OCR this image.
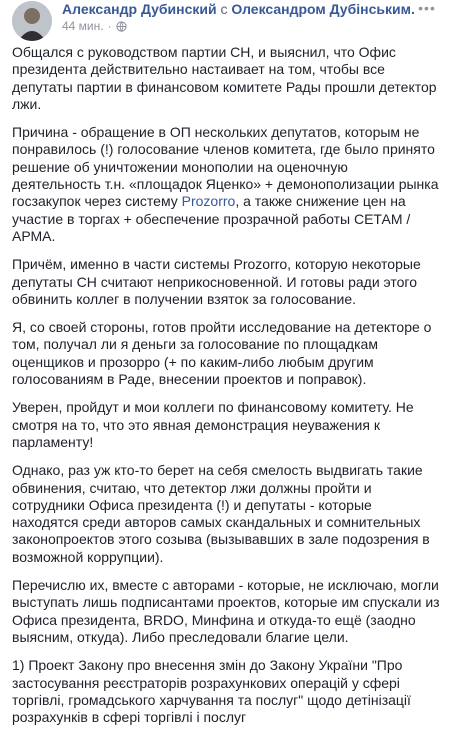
Александр Дубинский с Олександром Дубінським.
44 мин. ·
•••

Общался с руководством партии СН, и выяснил, что Офис президента действительно настаивает на том, чтобы все депутаты партии в финансовом комитете Рады прошли детектор лжи.

Причина - обращение в ОП нескольких депутатов, которым не понравилось (!) голосование членов комитета, где было принято решение об уничтожении монополии на оценочную деятельность т.н. «площадок Яценко» + демонополизации рынка госзакупок через систему Prozorro, а также снижение цен на участие в торгах + обеспечение прозрачной работы СЕТАМ / АРМА.

Причём, именно в части системы Prozorro, которую некоторые депутаты СН считают неприкосновенной. И готовы ради этого обвинить коллег в получении взяток за голосование.

Я, со своей стороны, готов пройти исследование на детекторе о том, получал ли я деньги за голосование по площадкам оценщиков и прозорро (+ по каким-либо любым другим голосованиям в Раде, внесении проектов и поправок).

Уверен, пройдут и мои коллеги по финансовому комитету. Не смотря на то, что это явная демонстрация неуважения к парламенту!

Однако, раз уж кто-то берет на себя смелость выдвигать такие обвинения, считаю, что детектор лжи должны пройти и сотрудники Офиса президента (!) и депутаты - которые находятся среди авторов самых скандальных и сомнительных законопроектов этого созыва (вызывавших в зале подозрения в возможной коррупции).

Перечислю их, вместе с авторами - которые, не исключаю, могли выступать лишь подписантами проектов, которые им спускали из Офиса президента, BRDO, Минфина и откуда-то ещё (заодно выясним, откуда). Либо преследовали благие цели.

1) Проект Закону про внесення змін до Закону України "Про застосування реєстраторів розрахункових операцій у сфері торгівлі, громадського харчування та послуг" щодо детінізації розрахунків в сфері торгівлі і послуг
